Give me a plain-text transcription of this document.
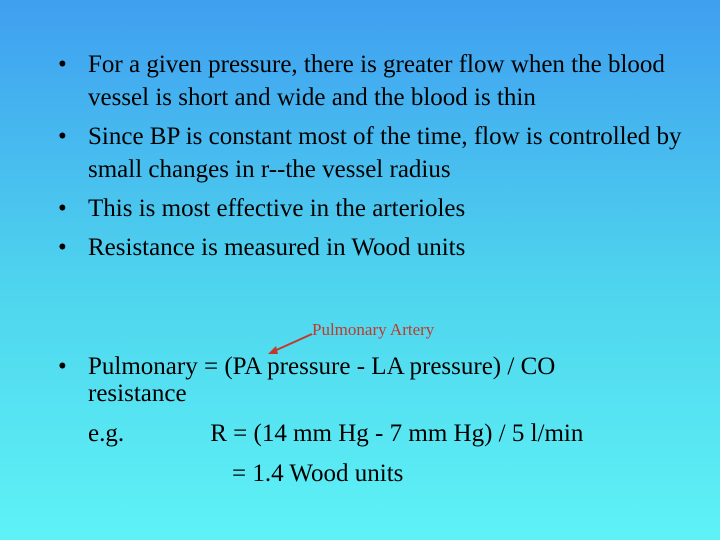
• For a given pressure, there is greater flow when the blood vessel is short and wide and the blood is thin
• Since BP is constant most of the time, flow is controlled by small changes in r--the vessel radius
• This is most effective in the arterioles
• Resistance is measured in Wood units
Pulmonary Artery
• Pulmonary = (PA pressure - LA pressure) / CO
resistance
e.g.	R = (14 mm Hg - 7 mm Hg) / 5 l/min
= 1.4 Wood units
